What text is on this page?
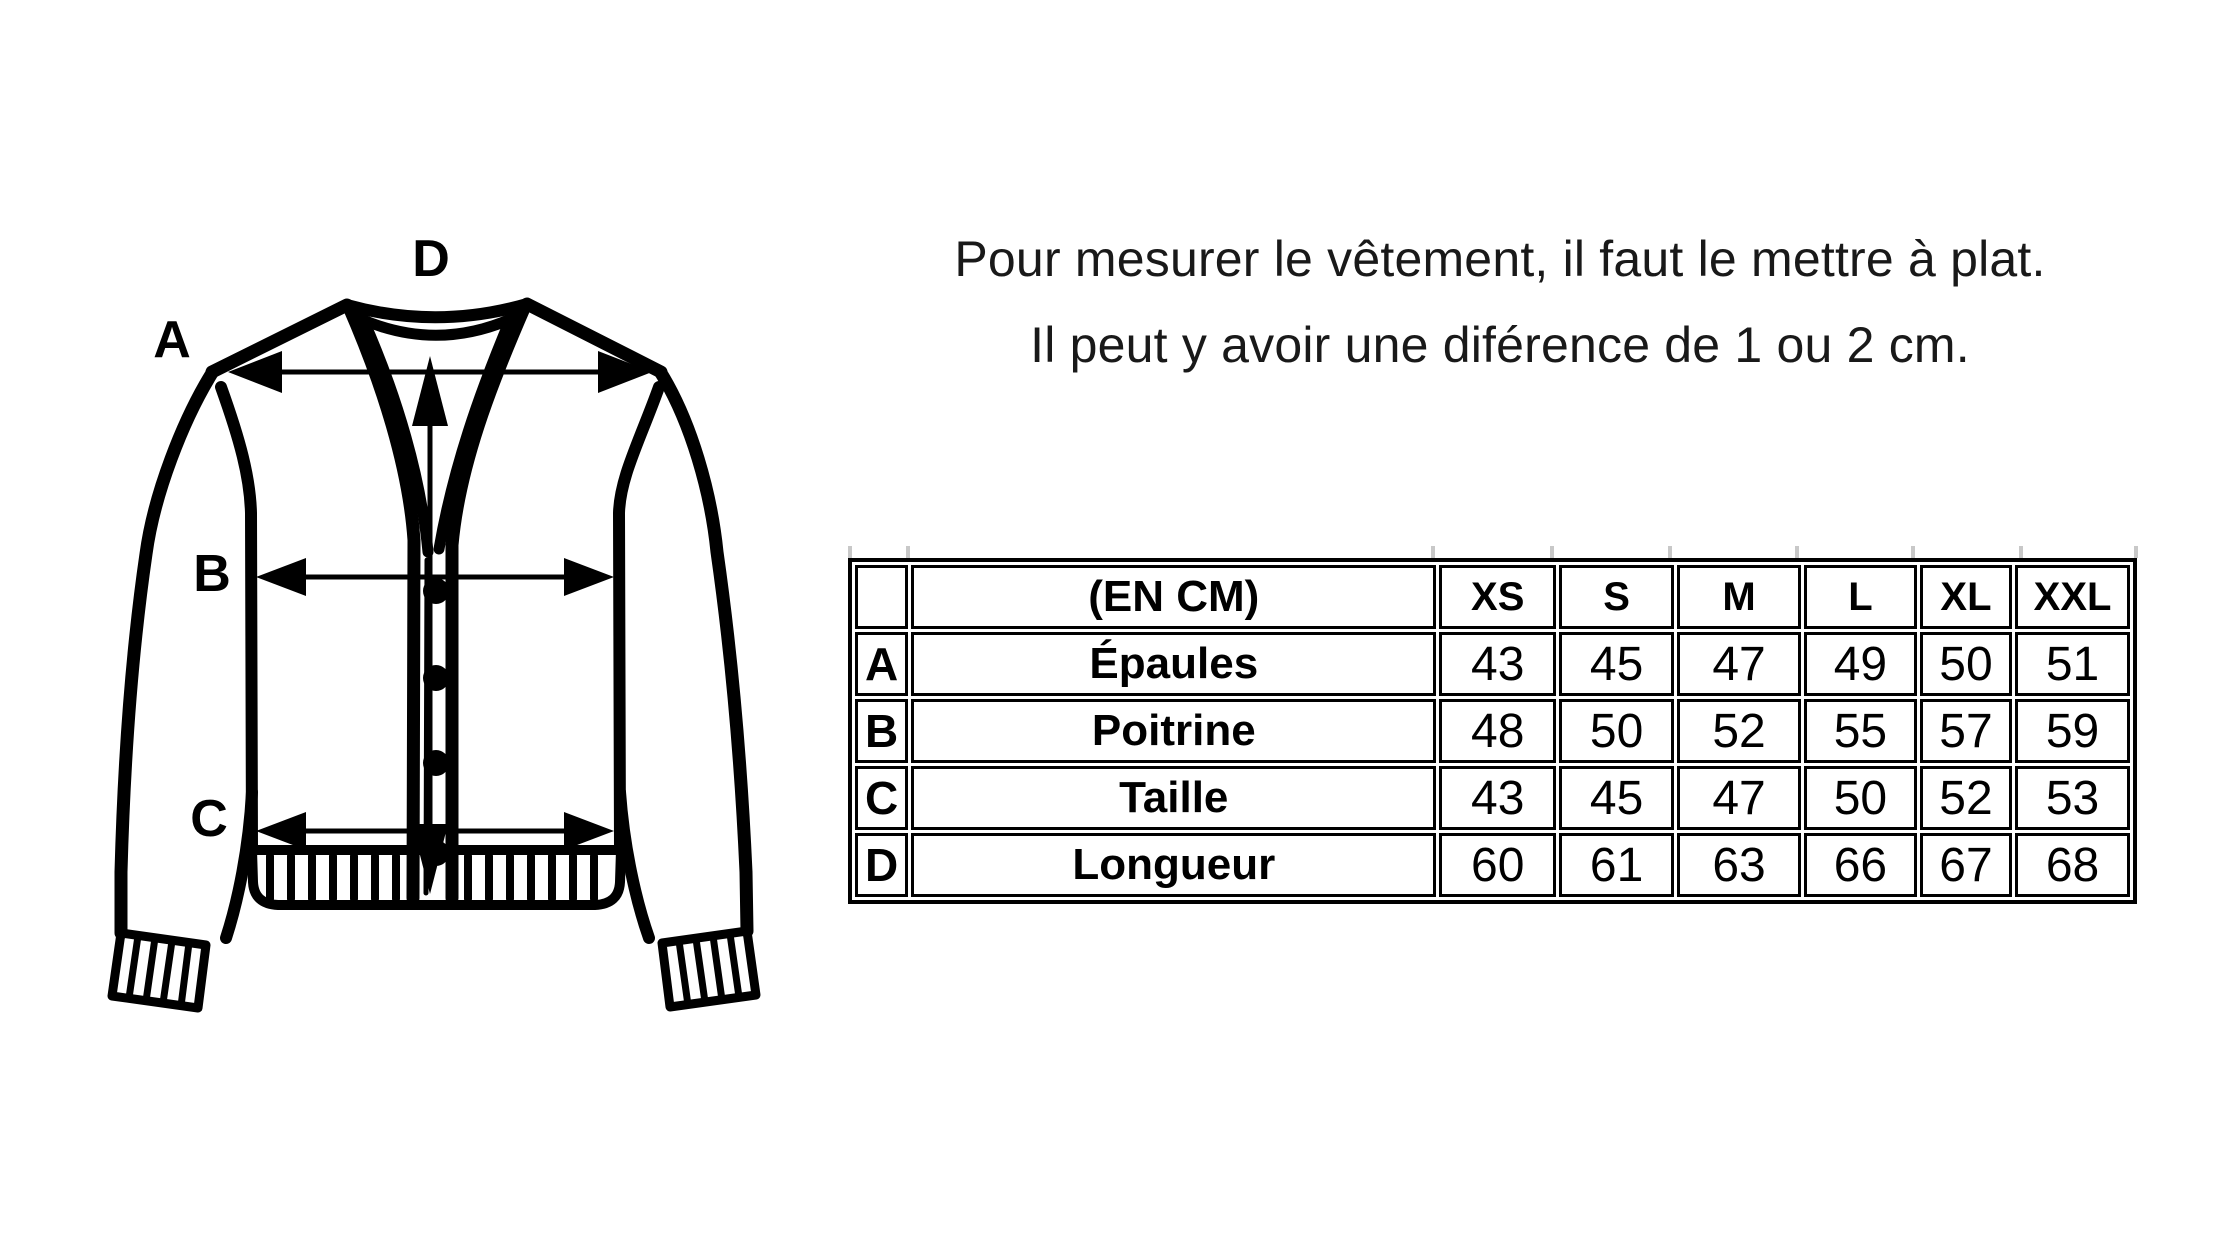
A
B
C
D	Pour mesurer le vêtement, il faut le mettre à plat.
Il peut y avoir une diférence de 1 ou 2 cm.
	(EN CM)	XS	S	M	L	XL	XXL
A	Épaules	43	45	47	49	50	51
B	Poitrine	48	50	52	55	57	59
C	Taille	43	45	47	50	52	53
D	Longueur	60	61	63	66	67	68
